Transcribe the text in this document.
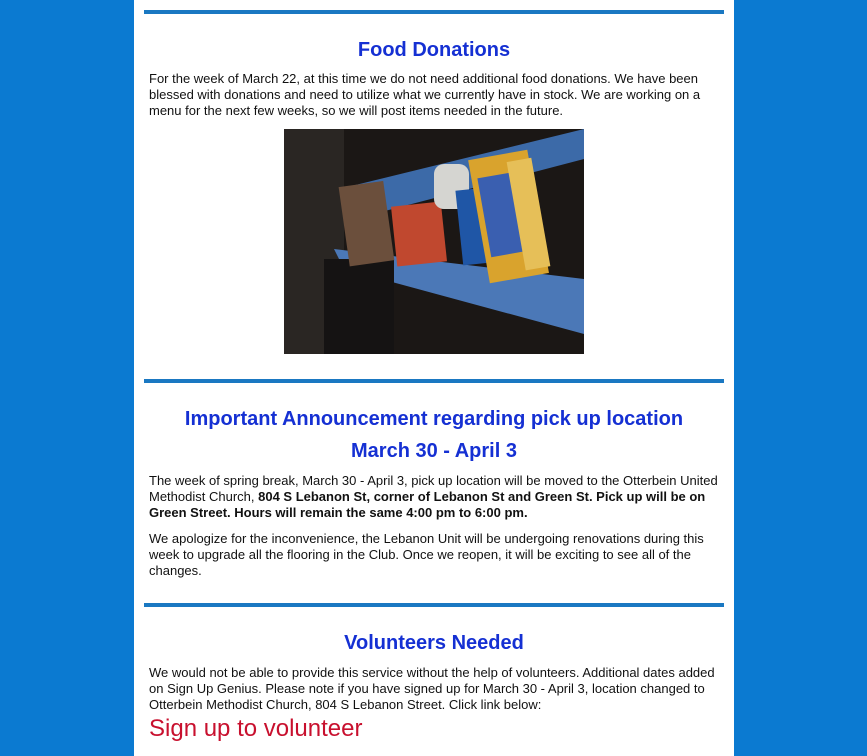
Food Donations

For the week of March 22, at this time we do not need additional food donations. We have been blessed with donations and need to utilize what we currently have in stock. We are working on a menu for the next few weeks, so we will post items needed in the future.

Important Announcement regarding pick up location
March 30 - April 3

The week of spring break, March 30 - April 3, pick up location will be moved to the Otterbein United Methodist Church, 804 S Lebanon St, corner of Lebanon St and Green St. Pick up will be on Green Street. Hours will remain the same 4:00 pm to 6:00 pm.

We apologize for the inconvenience, the Lebanon Unit will be undergoing renovations during this week to upgrade all the flooring in the Club. Once we reopen, it will be exciting to see all of the changes.

Volunteers Needed

We would not be able to provide this service without the help of volunteers. Additional dates added on Sign Up Genius. Please note if you have signed up for March 30 - April 3, location changed to Otterbein Methodist Church, 804 S Lebanon Street. Click link below:

Sign up to volunteer
